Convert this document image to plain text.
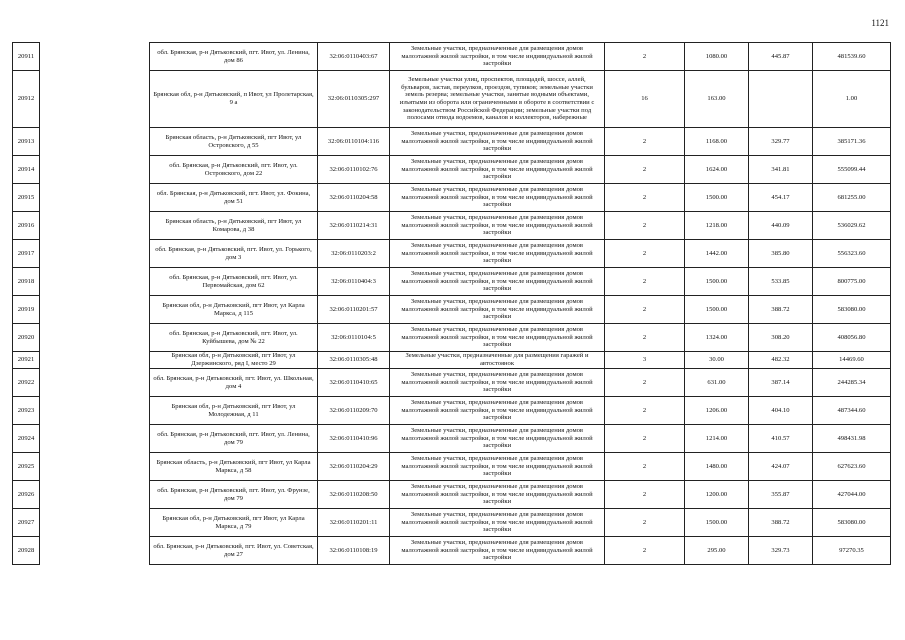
1121
20911		обл. Брянская, р-н Дятьковский, пгт. Ивот, ул. Ленина, дом 86	32:06:0110403:67	Земельные участки, предназначенные для размещения домов малоэтажной жилой застройки, в том числе индивидуальной жилой застройки	2	1080.00	445.87	481539.60
20912		Брянская обл, р-н Дятьковский, п Ивот, ул Пролетарская, 9 а	32:06:0110305:297	Земельные участки улиц, проспектов, площадей, шоссе, аллей, бульваров, застав, переулков, проездов, тупиков; земельные участки земель резерва; земельные участки, занятые водными объектами, изъятыми из оборота или ограниченными в обороте в соответствии с законодательством Российской Федерации; земельные участки под полосами отвода водоемов, каналов и коллекторов, набережные	16	163.00		1.00
20913		Брянская область, р-н Дятьковский, пгт Ивот, ул Островского, д 55	32:06:0110104:116	Земельные участки, предназначенные для размещения домов малоэтажной жилой застройки, в том числе индивидуальной жилой застройки	2	1168.00	329.77	385171.36
20914		обл. Брянская, р-н Дятьковский, пгт. Ивот, ул. Островского, дом 22	32:06:0110102:76	Земельные участки, предназначенные для размещения домов малоэтажной жилой застройки, в том числе индивидуальной жилой застройки	2	1624.00	341.81	555099.44
20915		обл. Брянская, р-н Дятьковский, пгт. Ивот, ул. Фокина, дом 51	32:06:0110204:58	Земельные участки, предназначенные для размещения домов малоэтажной жилой застройки, в том числе индивидуальной жилой застройки	2	1500.00	454.17	681255.00
20916		Брянская область, р-н Дятьковский, пгт Ивот, ул Комарова, д 38	32:06:0110214:31	Земельные участки, предназначенные для размещения домов малоэтажной жилой застройки, в том числе индивидуальной жилой застройки	2	1218.00	440.09	536029.62
20917		обл. Брянская, р-н Дятьковский, пгт. Ивот, ул. Горького, дом 3	32:06:0110203:2	Земельные участки, предназначенные для размещения домов малоэтажной жилой застройки, в том числе индивидуальной жилой застройки	2	1442.00	385.80	556323.60
20918		обл. Брянская, р-н Дятьковский, пгт. Ивот, ул. Первомайская, дом 62	32:06:0110404:3	Земельные участки, предназначенные для размещения домов малоэтажной жилой застройки, в том числе индивидуальной жилой застройки	2	1500.00	533.85	800775.00
20919		Брянская обл, р-н Дятьковский, пгт Ивот, ул Карла Маркса, д 115	32:06:0110201:57	Земельные участки, предназначенные для размещения домов малоэтажной жилой застройки, в том числе индивидуальной жилой застройки	2	1500.00	388.72	583080.00
20920		обл. Брянская, р-н Дятьковский, пгт. Ивот, ул. Куйбышева, дом № 22	32:06:0110104:5	Земельные участки, предназначенные для размещения домов малоэтажной жилой застройки, в том числе индивидуальной жилой застройки	2	1324.00	308.20	408056.80
20921		Брянская обл, р-н Дятьковский, пгт Ивот, ул Дзержинского, ряд I, место 29	32:06:0110305:48	Земельные участки, предназначенные для размещения гаражей и автостоянок	3	30.00	482.32	14469.60
20922		обл. Брянская, р-н Дятьковский, пгт. Ивот, ул. Школьная, дом 4	32:06:0110410:65	Земельные участки, предназначенные для размещения домов малоэтажной жилой застройки, в том числе индивидуальной жилой застройки	2	631.00	387.14	244285.34
20923		Брянская обл, р-н Дятьковский, пгт Ивот, ул Молодежная, д 11	32:06:0110209:70	Земельные участки, предназначенные для размещения домов малоэтажной жилой застройки, в том числе индивидуальной жилой застройки	2	1206.00	404.10	487344.60
20924		обл. Брянская, р-н Дятьковский, пгт. Ивот, ул. Ленина, дом 79	32:06:0110410:96	Земельные участки, предназначенные для размещения домов малоэтажной жилой застройки, в том числе индивидуальной жилой застройки	2	1214.00	410.57	498431.98
20925		Брянская область, р-н Дятьковский, пгт Ивот, ул Карла Маркса, д 58	32:06:0110204:29	Земельные участки, предназначенные для размещения домов малоэтажной жилой застройки, в том числе индивидуальной жилой застройки	2	1480.00	424.07	627623.60
20926		обл. Брянская, р-н Дятьковский, пгт. Ивот, ул. Фрунзе, дом 79	32:06:0110208:50	Земельные участки, предназначенные для размещения домов малоэтажной жилой застройки, в том числе индивидуальной жилой застройки	2	1200.00	355.87	427044.00
20927		Брянская обл, р-н Дятьковский, пгт Ивот, ул Карла Маркса, д 79	32:06:0110201:11	Земельные участки, предназначенные для размещения домов малоэтажной жилой застройки, в том числе индивидуальной жилой застройки	2	1500.00	388.72	583080.00
20928		обл. Брянская, р-н Дятьковский, пгт. Ивот, ул. Советская, дом 27	32:06:0110108:19	Земельные участки, предназначенные для размещения домов малоэтажной жилой застройки, в том числе индивидуальной жилой застройки	2	295.00	329.73	97270.35
